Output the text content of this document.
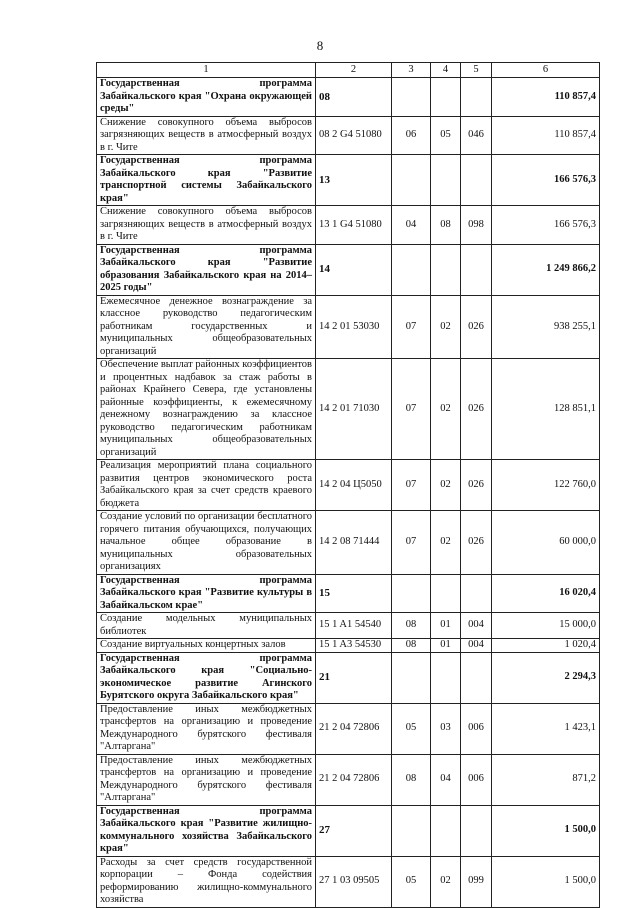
8
1	2	3	4	5	6
Государственная программа Забайкальского края "Охрана окружающей среды"	08				110 857,4
Снижение совокупного объема выбросов загрязняющих веществ в атмосферный воздух в г. Чите	08 2 G4 51080	06	05	046	110 857,4
Государственная программа Забайкальского края "Развитие транспортной системы Забайкальского края"	13				166 576,3
Снижение совокупного объема выбросов загрязняющих веществ в атмосферный воздух в г. Чите	13 1 G4 51080	04	08	098	166 576,3
Государственная программа Забайкальского края "Развитие образования Забайкальского края на 2014–2025 годы"	14				1 249 866,2
Ежемесячное денежное вознаграждение за классное руководство педагогическим работникам государственных и муниципальных общеобразовательных организаций	14 2 01 53030	07	02	026	938 255,1
Обеспечение выплат районных коэффициентов и процентных надбавок за стаж работы в районах Крайнего Севера, где установлены районные коэффициенты, к ежемесячному денежному вознаграждению за классное руководство педагогическим работникам муниципальных общеобразовательных организаций	14 2 01 71030	07	02	026	128 851,1
Реализация мероприятий плана социального развития центров экономического роста Забайкальского края за счет средств краевого бюджета	14 2 04 Ц5050	07	02	026	122 760,0
Создание условий по организации бесплатного горячего питания обучающихся, получающих начальное общее образование в муниципальных образовательных организациях	14 2 08 71444	07	02	026	60 000,0
Государственная программа Забайкальского края "Развитие культуры в Забайкальском крае"	15				16 020,4
Создание модельных муниципальных библиотек	15 1 A1 54540	08	01	004	15 000,0
Создание виртуальных концертных залов	15 1 A3 54530	08	01	004	1 020,4
Государственная программа Забайкальского края "Социально-экономическое развитие Агинского Бурятского округа Забайкальского края"	21				2 294,3
Предоставление иных межбюджетных трансфертов на организацию и проведение Международного бурятского фестиваля "Алтаргана"	21 2 04 72806	05	03	006	1 423,1
Предоставление иных межбюджетных трансфертов на организацию и проведение Международного бурятского фестиваля "Алтаргана"	21 2 04 72806	08	04	006	871,2
Государственная программа Забайкальского края "Развитие жилищно-коммунального хозяйства Забайкальского края"	27				1 500,0
Расходы за счет средств государственной корпорации – Фонда содействия реформированию жилищно-коммунального хозяйства	27 1 03 09505	05	02	099	1 500,0
